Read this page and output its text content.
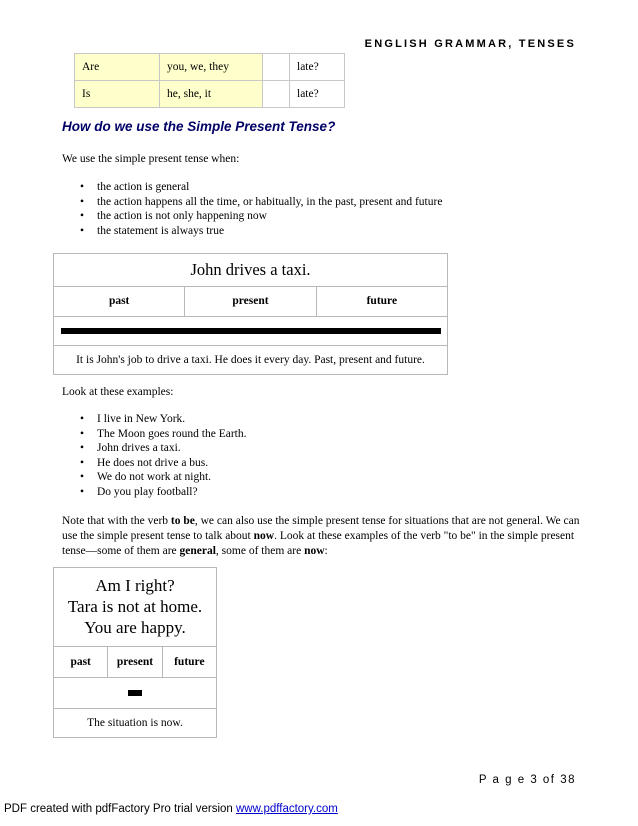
ENGLISH GRAMMAR, TENSES
Are	you, we, they		late?
Is	he, she, it		late?
How do we use the Simple Present Tense?

We use the simple present tense when:

• the action is general
• the action happens all the time, or habitually, in the past, present and future
• the action is not only happening now
• the statement is always true
John drives a taxi.
past	present	future
It is John's job to drive a taxi. He does it every day. Past, present and future.

Look at these examples:

• I live in New York.
• The Moon goes round the Earth.
• John drives a taxi.
• He does not drive a bus.
• We do not work at night.
• Do you play football?

Note that with the verb to be, we can also use the simple present tense for situations that are not general. We can use the simple present tense to talk about now. Look at these examples of the verb "to be" in the simple present tense—some of them are general, some of them are now:

Am I right?
Tara is not at home.
You are happy.
past	present	future
The situation is now.
P a g e 3 of 38
PDF created with pdfFactory Pro trial version www.pdffactory.com
